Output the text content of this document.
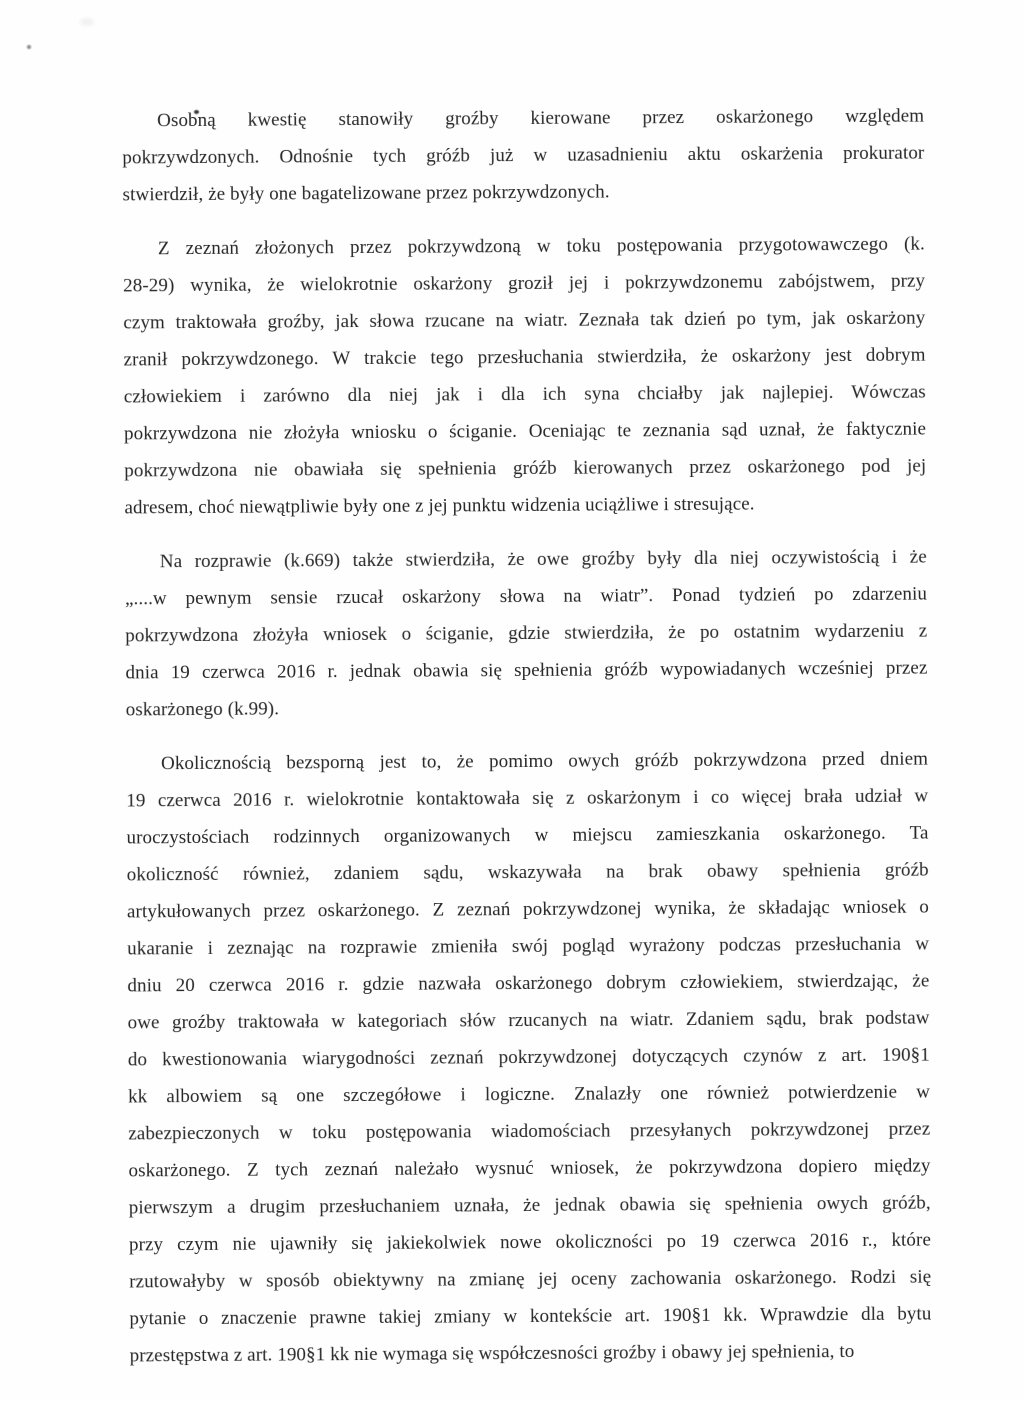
Osobną kwestię stanowiły groźby kierowane przez oskarżonego względem
pokrzywdzonych. Odnośnie tych gróźb już w uzasadnieniu aktu oskarżenia prokurator
stwierdził, że były one bagatelizowane przez pokrzywdzonych.
Z zeznań złożonych przez pokrzywdzoną w toku postępowania przygotowawczego (k.
28-29) wynika, że wielokrotnie oskarżony groził jej i pokrzywdzonemu zabójstwem, przy
czym traktowała groźby, jak słowa rzucane na wiatr. Zeznała tak dzień po tym, jak oskarżony
zranił pokrzywdzonego. W trakcie tego przesłuchania stwierdziła, że oskarżony jest dobrym
człowiekiem i zarówno dla niej jak i dla ich syna chciałby jak najlepiej. Wówczas
pokrzywdzona nie złożyła wniosku o ściganie. Oceniając te zeznania sąd uznał, że faktycznie
pokrzywdzona nie obawiała się spełnienia gróźb kierowanych przez oskarżonego pod jej
adresem, choć niewątpliwie były one z jej punktu widzenia uciążliwe i stresujące.
Na rozprawie (k.669) także stwierdziła, że owe groźby były dla niej oczywistością i że
„....w pewnym sensie rzucał oskarżony słowa na wiatr”. Ponad tydzień po zdarzeniu
pokrzywdzona złożyła wniosek o ściganie, gdzie stwierdziła, że po ostatnim wydarzeniu z
dnia 19 czerwca 2016 r. jednak obawia się spełnienia gróźb wypowiadanych wcześniej przez
oskarżonego (k.99).
Okolicznością bezsporną jest to, że pomimo owych gróźb pokrzywdzona przed dniem
19 czerwca 2016 r. wielokrotnie kontaktowała się z oskarżonym i co więcej brała udział w
uroczystościach rodzinnych organizowanych w miejscu zamieszkania oskarżonego. Ta
okoliczność również, zdaniem sądu, wskazywała na brak obawy spełnienia gróźb
artykułowanych przez oskarżonego. Z zeznań pokrzywdzonej wynika, że składając wniosek o
ukaranie i zeznając na rozprawie zmieniła swój pogląd wyrażony podczas przesłuchania w
dniu 20 czerwca 2016 r. gdzie nazwała oskarżonego dobrym człowiekiem, stwierdzając, że
owe groźby traktowała w kategoriach słów rzucanych na wiatr. Zdaniem sądu, brak podstaw
do kwestionowania wiarygodności zeznań pokrzywdzonej dotyczących czynów z art. 190§1
kk albowiem są one szczegółowe i logiczne. Znalazły one również potwierdzenie w
zabezpieczonych w toku postępowania wiadomościach przesyłanych pokrzywdzonej przez
oskarżonego. Z tych zeznań należało wysnuć wniosek, że pokrzywdzona dopiero między
pierwszym a drugim przesłuchaniem uznała, że jednak obawia się spełnienia owych gróźb,
przy czym nie ujawniły się jakiekolwiek nowe okoliczności po 19 czerwca 2016 r., które
rzutowałyby w sposób obiektywny na zmianę jej oceny zachowania oskarżonego. Rodzi się
pytanie o znaczenie prawne takiej zmiany w kontekście art. 190§1 kk. Wprawdzie dla bytu
przestępstwa z art. 190§1 kk nie wymaga się współczesności groźby i obawy jej spełnienia, to
